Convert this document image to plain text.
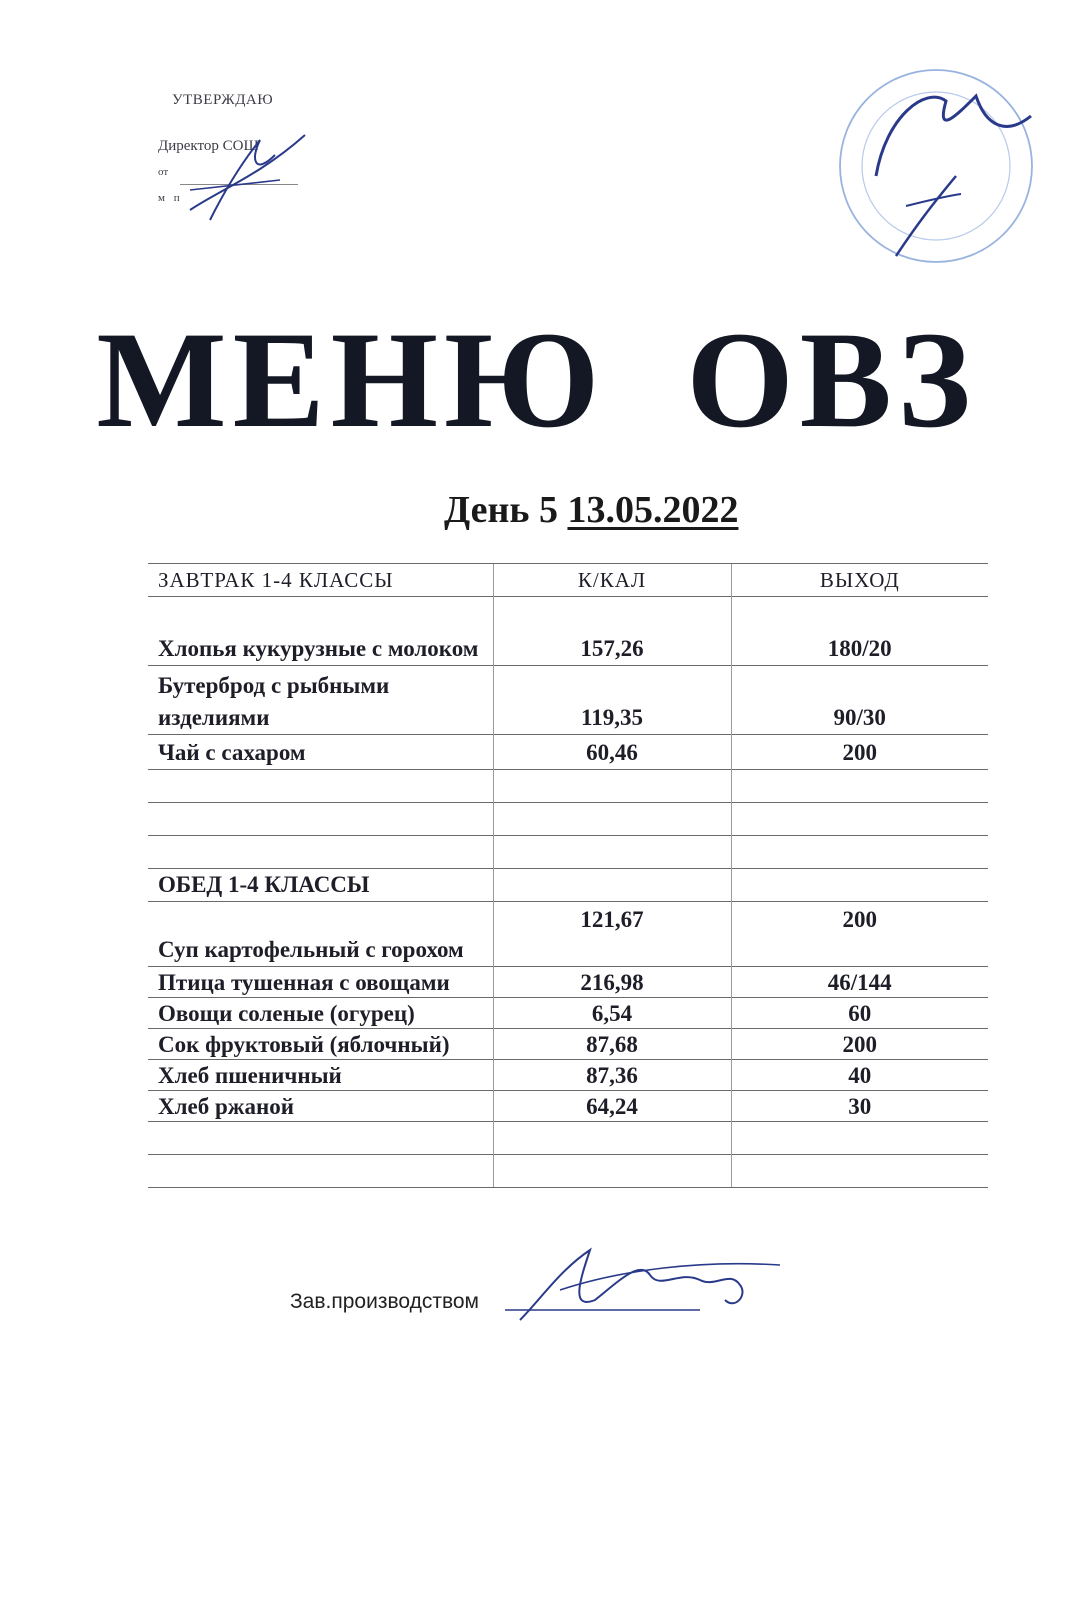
УТВЕРЖДАЮ
Директор СОШ
от
м п
МЕНЮ  ОВЗ
День 5 13.05.2022
ЗАВТРАК 1-4 КЛАССЫ	К/КАЛ	ВЫХОД
Хлопья кукурузные с молоком	157,26	180/20
Бутерброд с рыбными изделиями	119,35	90/30
Чай с сахаром	60,46	200

ОБЕД 1-4 КЛАССЫ		
Суп картофельный с горохом	121,67	200
Птица тушенная с овощами	216,98	46/144
Овощи соленые (огурец)	6,54	60
Сок фруктовый (яблочный)	87,68	200
Хлеб пшеничный	87,36	40
Хлеб ржаной	64,24	30

Зав.производством
